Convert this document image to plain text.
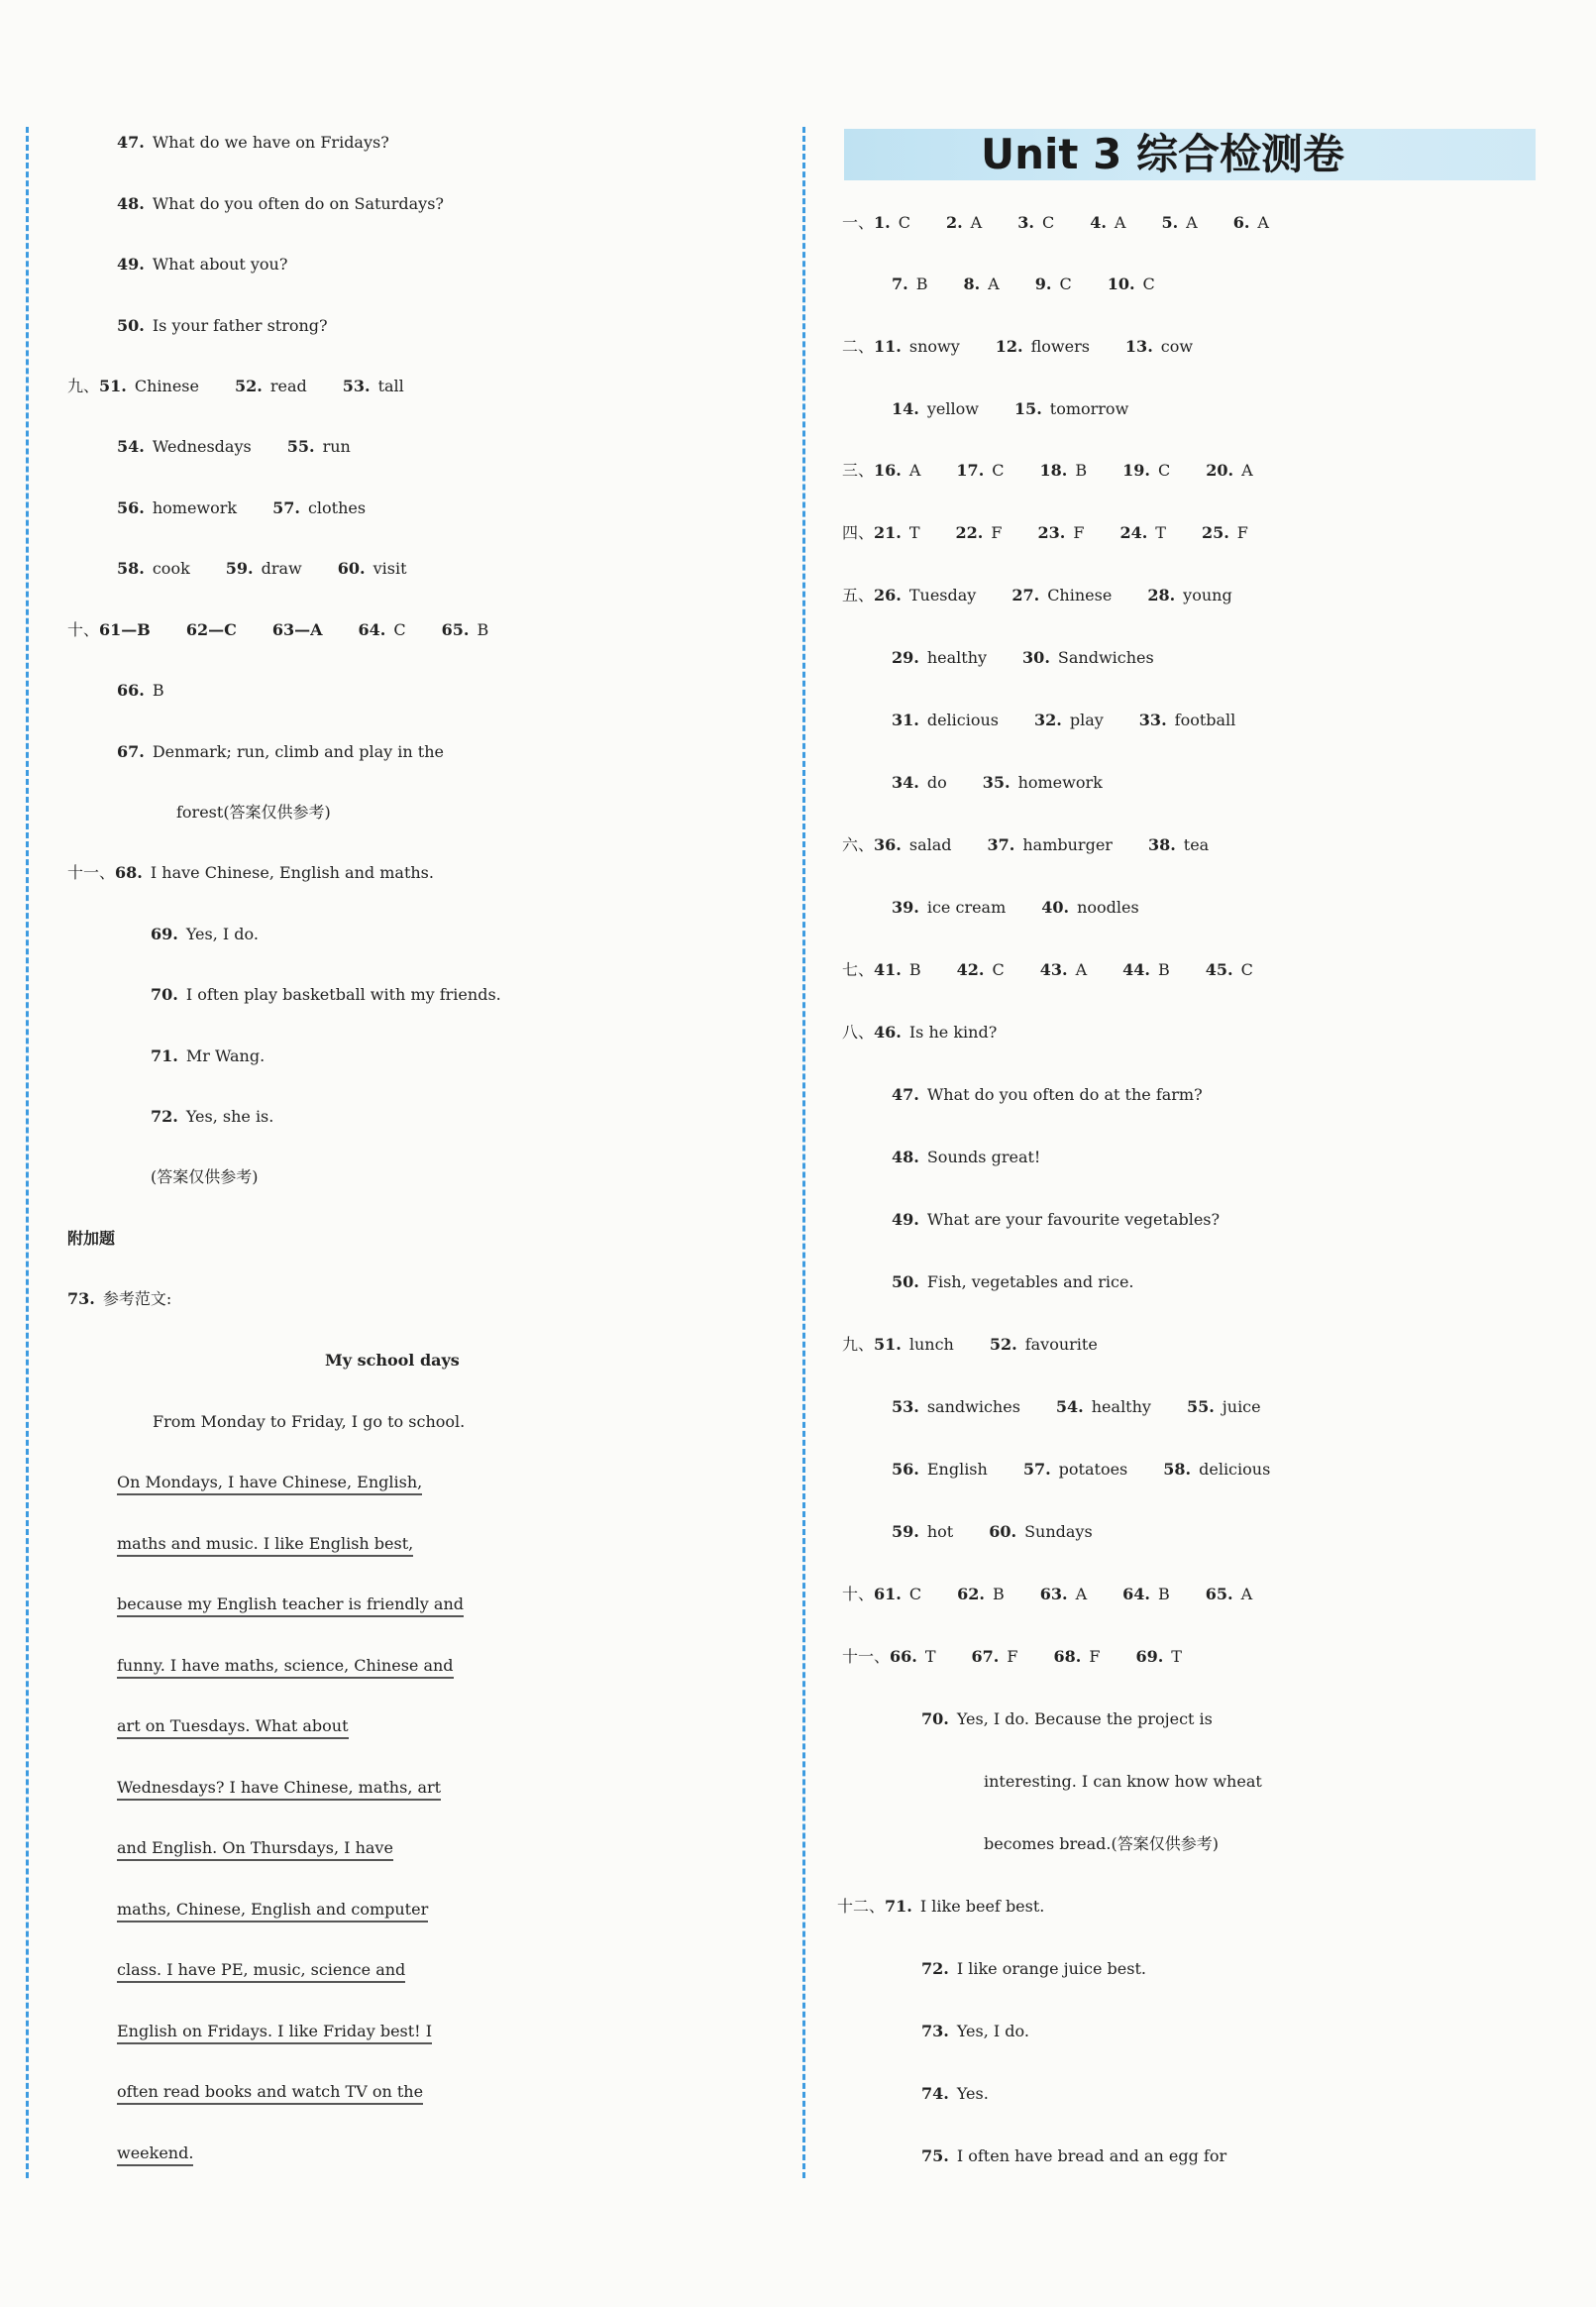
47. What do we have on Fridays?
48. What do you often do on Saturdays?
49. What about you?
50. Is your father strong?
九、51. Chinese 52. read 53. tall
54. Wednesdays 55. run
56. homework 57. clothes
58. cook 59. draw 60. visit
十、61—B 62—C 63—A 64. C 65. B
66. B
67. Denmark; run, climb and play in the
forest(答案仅供参考)
十一、68. I have Chinese, English and maths.
69. Yes, I do.
70. I often play basketball with my friends.
71. Mr Wang.
72. Yes, she is.
(答案仅供参考)
附加题
73. 参考范文:
My school days
From Monday to Friday, I go to school.
On Mondays, I have Chinese, English,
maths and music. I like English best,
because my English teacher is friendly and
funny. I have maths, science, Chinese and
art on Tuesdays. What about
Wednesdays? I have Chinese, maths, art
and English. On Thursdays, I have
maths, Chinese, English and computer
class. I have PE, music, science and
English on Fridays. I like Friday best! I
often read books and watch TV on the
weekend.
Unit 3 综合检测卷
一、1. C 2. A 3. C 4. A 5. A 6. A
7. B 8. A 9. C 10. C
二、11. snowy 12. flowers 13. cow
14. yellow 15. tomorrow
三、16. A 17. C 18. B 19. C 20. A
四、21. T 22. F 23. F 24. T 25. F
五、26. Tuesday 27. Chinese 28. young
29. healthy 30. Sandwiches
31. delicious 32. play 33. football
34. do 35. homework
六、36. salad 37. hamburger 38. tea
39. ice cream 40. noodles
七、41. B 42. C 43. A 44. B 45. C
八、46. Is he kind?
47. What do you often do at the farm?
48. Sounds great!
49. What are your favourite vegetables?
50. Fish, vegetables and rice.
九、51. lunch 52. favourite
53. sandwiches 54. healthy 55. juice
56. English 57. potatoes 58. delicious
59. hot 60. Sundays
十、61. C 62. B 63. A 64. B 65. A
十一、66. T 67. F 68. F 69. T
70. Yes, I do. Because the project is
interesting. I can know how wheat
becomes bread.(答案仅供参考)
十二、71. I like beef best.
72. I like orange juice best.
73. Yes, I do.
74. Yes.
75. I often have bread and an egg for
